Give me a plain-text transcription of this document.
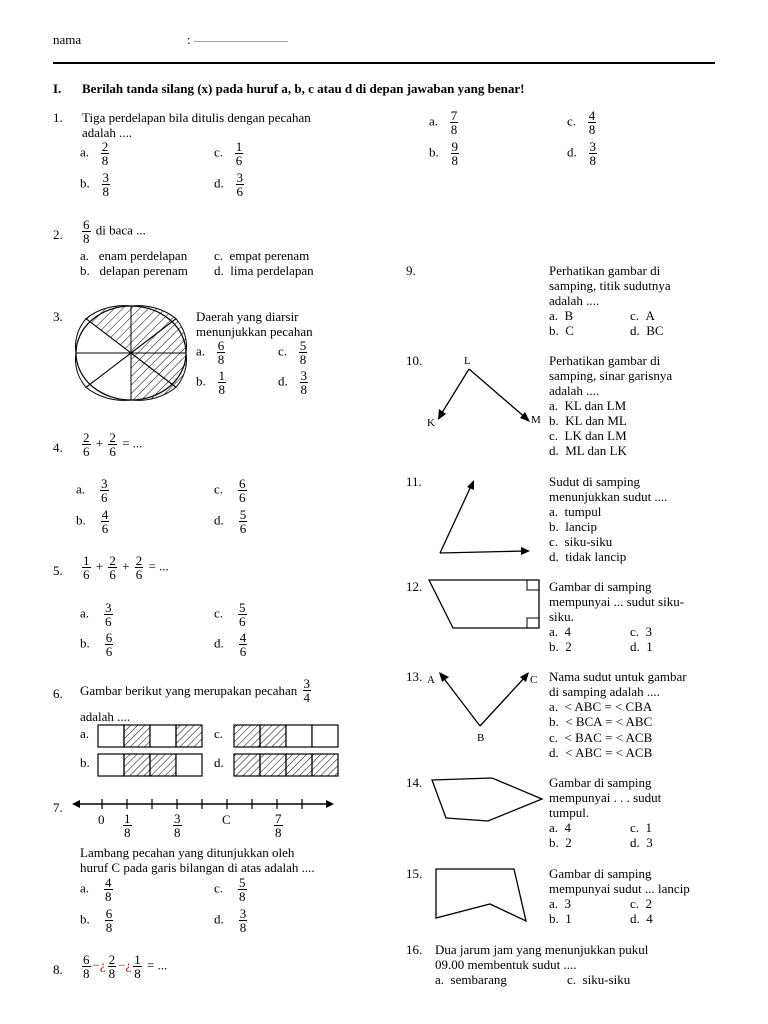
nama	: ...............................................
I. Berilah tanda silang (x) pada huruf a, b, c atau d di depan jawaban yang benar!
1. Tiga perdelapan bila ditulis dengan pecahan
adalah ....
a. $\frac{2}{8}$	c. $\frac{1}{6}$
b. $\frac{3}{8}$	d. $\frac{3}{6}$
a. $\frac{7}{8}$	c. $\frac{4}{8}$
b. $\frac{9}{8}$	d. $\frac{3}{8}$
2. $\frac{6}{8}$ di baca ...
a. enam perdelapan c. empat perenam
b. delapan perenam d. lima perdelapan
3.	Daerah yang diarsir
menunjukkan pecahan
a. $\frac{6}{8}$	c. $\frac{5}{8}$
b. $\frac{1}{8}$	d. $\frac{3}{8}$
4. $\frac{2}{6} + \frac{2}{6}$ = ...
a. $\frac{3}{6}$	c. $\frac{6}{6}$
b. $\frac{4}{6}$	d. $\frac{5}{6}$
5. $\frac{1}{6} + \frac{2}{6} + \frac{2}{6}$ = ...
a. $\frac{3}{6}$	c. $\frac{5}{6}$
b. $\frac{6}{6}$	d. $\frac{4}{6}$
6. Gambar berikut yang merupakan pecahan $\frac{3}{4}$
adalah ....
a.	c.
b.	d.
7.
$0 \frac{1}{8}$	$\frac{3}{8}$	C	$\frac{7}{8}$
Lambang pecahan yang ditunjukkan oleh
huruf C pada garis bilangan di atas adalah ....
a. $\frac{4}{8}$	c. $\frac{5}{8}$
b. $\frac{6}{8}$	d. $\frac{3}{8}$
8. $\frac{6}{8}$ −¿ $\frac{2}{8}$ −¿ $\frac{1}{8}$ = ...
9.	Perhatikan gambar di
samping, titik sudutnya
adalah ....
a. B	c. A
b. C	d. BC
10.	L
K	M
Perhatikan gambar di
samping, sinar garisnya
adalah ....
a. KL dan LM
b. KL dan ML
c. LK dan LM
d. ML dan LK
11.	Sudut di samping
menunjukkan sudut ....
a. tumpul
b. lancip
c. siku-siku
d. tidak lancip
12.	Gambar di samping
mempunyai ... sudut siku-
siku.
a. 4	c. 3
b. 2	d. 1
13. A	C
B
Nama sudut untuk gambar
di samping adalah ....
a. < ABC = < CBA
b. < BCA = < ABC
c. < BAC = < ACB
d. < ABC = < ACB
14.	Gambar di samping
mempunyai . . . sudut
tumpul.
a. 4	c. 1
b. 2	d. 3
15.	Gambar di samping
mempunyai sudut ... lancip
a. 3	c. 2
b. 1	d. 4
16. Dua jarum jam yang menunjukkan pukul
09.00 membentuk sudut ....
a. sembarang	c. siku-siku
